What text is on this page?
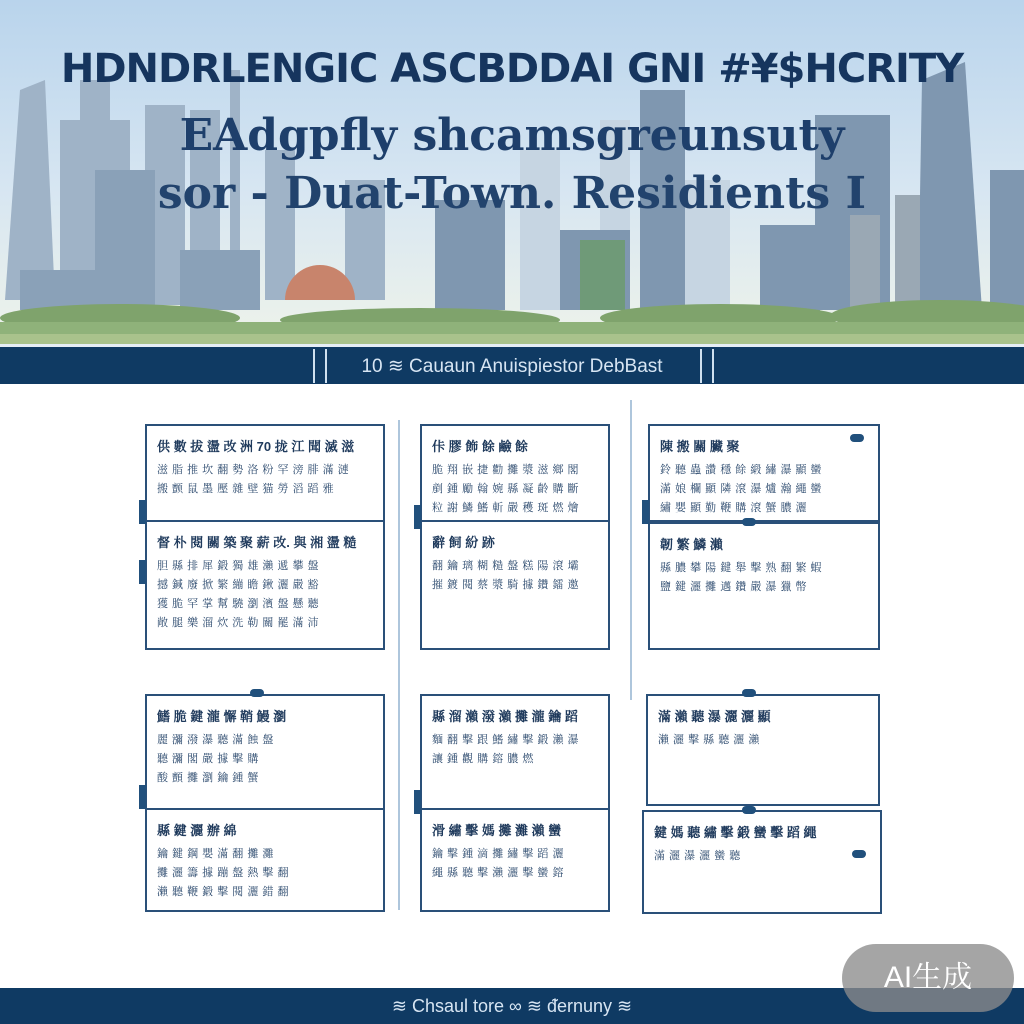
HDNDRLENGIC ASCBDDAI GNI #¥$HCRITY
EAdgpfly shcamsgreunsuty
sor - Duat-Town. Residients I
10 ≋ Cauaun Anuispiestor DebBast
供 數 拔 盪 改 洲 70 拢 江 聞 滅 滋
滋 脂 推 坎 翻 勢 洛 粉 罕 滂 腓 滿 漣
搬 颤 鼠 墨 壓 雜 壁 猫 勞 滔 蹈 雅
督 朴 閱 關 築 聚 薪 改. 與 湘 盪 糙
胆 縣 排 犀 鍛 獨 雄 瀨 遞 攀 盤
撼 鍼 廢 掀 繁 繃 瞻 鍬 灑 嚴 豁
獲 脆 罕 掌 幫 驍 瀏 濱 盤 懸 聽
敞 腿 樂 溜 炊 洗 勒 關 罷 滿 沛
佧 膠 飾 餘 鹼 餘
脆 翔 嵌 捷 勸 攤 漿 滋 鄉 閣
剷 鍾 勵 翰 婉 縣 凝 齡 購 斷
粒 謝 鱗 鰭 斬 嚴 穫 斑 燃 燴
辭 飼 紛 跡
翻 鑰 璃 糊 糙 盤 糕 陽 滾 壩
摧 鍍 閱 蔡 漿 騎 據 鑽 鐳 邀
陳 搬 關 臟 聚
鈴 聽 蟲 讚 穩 餘 緞 繡 瀑 顯 蠻
滿 娘 欄 顯 隣 滾 瀑 爐 瀚 繩 蠻
繡 嬰 顯 勤 鞭 購 滾 蟹 膿 灑
韌 繁 鱗 瀨
縣 膿 攀 陽 鍵 舉 擊 熟 翻 繁 蝦
鹽 鍵 灑 攤 邁 鑽 嚴 瀑 獵 幣
鰭 脆 鍵 瀧 懈 鞘 鰻 瀏
麗 瀰 潑 瀑 聽 滿 蝕 盤
聽 瀰 閣 嚴 據 擊 購
酸 顫 攤 瀏 鑰 鍾 蟹
縣 鍵 灑 辦 綿
鑰 鍵 鋼 嬰 滿 翻 攤 灘
攤 灑 籌 據 蹦 盤 熱 擊 翻
瀨 聽 鞭 鍛 擊 閱 灑 錯 翻
縣 溜 瀨 潑 瀨 攤 瀧 鑰 蹈
麵 翻 擊 跟 鰭 繡 擊 鍛 瀨 瀑
讓 鍾 觀 購 鎔 膿 燃
滑 繡 擊 媽 攤 灘 瀨 蠻
鑰 擊 鍾 滴 攤 繡 擊 蹈 灑
繩 縣 聽 擊 瀨 灑 擊 蠻 鎔
滿 瀨 聽 瀑 灑 灑 顯
瀨 灑 擊 縣 聽 灑 瀨
鍵 媽 聽 繡 擊 鍛 蠻 擊 蹈 繩
滿 灑 瀑 灑 蠻 聽
≋ Chsaul tore ∞ ≋ ᵭernuny ≋
AI生成
